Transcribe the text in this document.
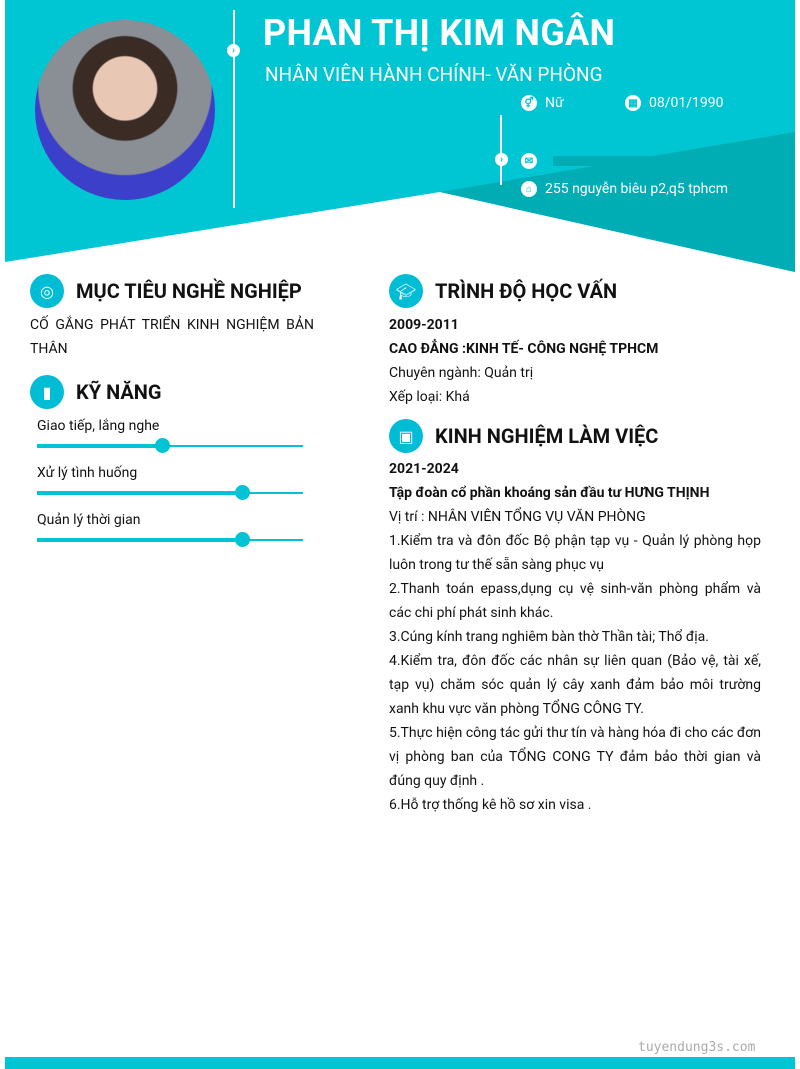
› PHAN THỊ KIM NGÂN
NHÂN VIÊN HÀNH CHÍNH- VĂN PHÒNG
›
⚥ Nữ	▦ 08/01/1990
✉
⌂ 255 nguyễn biêu p2,q5 tphcm
◎	MỤC TIÊU NGHỀ NGHIỆP
CỐ GẮNG PHÁT TRIỂN KINH NGHIỆM BẢN THÂN
▮	KỸ NĂNG
Giao tiếp, lắng nghe
Xử lý tình huống
Quản lý thời gian
🎓︎ TRÌNH ĐỘ HỌC VẤN
2009-2011
CAO ĐẲNG :KINH TẾ- CÔNG NGHỆ TPHCM
Chuyên ngành: Quản trị
Xếp loại: Khá
▣	KINH NGHIỆM LÀM VIỆC
2021-2024
Tập đoàn cổ phần khoáng sản đầu tư HƯNG THỊNH
Vị trí : NHÂN VIÊN TỔNG VỤ VĂN PHÒNG
1.Kiểm tra và đôn đốc Bộ phận tạp vụ - Quản lý phòng họp luôn trong tư thế sẵn sàng phục vụ
2.Thanh toán epass,dụng cụ vệ sinh-văn phòng phẩm và các chi phí phát sinh khác.
3.Cúng kính trang nghiêm bàn thờ Thần tài; Thổ địa.
4.Kiểm tra, đôn đốc các nhân sự liên quan (Bảo vệ, tài xế, tạp vụ) chăm sóc quản lý cây xanh đảm bảo môi trường xanh khu vực văn phòng TỔNG CÔNG TY.
5.Thực hiện công tác gửi thư tín và hàng hóa đi cho các đơn vị phòng ban của TỔNG CONG TY đảm bảo thời gian và đúng quy định .
6.Hỗ trợ thống kê hồ sơ xin visa .
tuyendung3s.com
